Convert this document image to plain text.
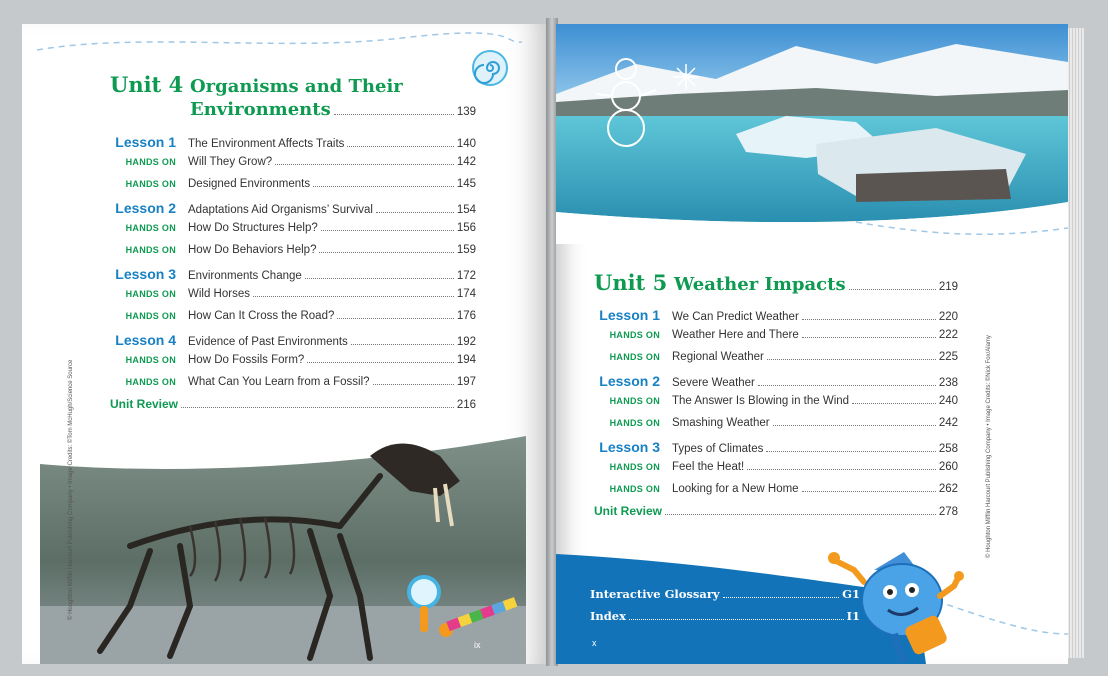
Unit 4 Organisms and Their
Environments	139
Lesson 1	The Environment Affects Traits	140
HANDS ON	Will They Grow?	142
HANDS ON	Designed Environments	145
Lesson 2	Adaptations Aid Organisms’ Survival	154
HANDS ON	How Do Structures Help?	156
HANDS ON	How Do Behaviors Help?	159
Lesson 3	Environments Change	172
HANDS ON	Wild Horses	174
HANDS ON	How Can It Cross the Road?	176
Lesson 4	Evidence of Past Environments	192
HANDS ON	How Do Fossils Form?	194
HANDS ON	What Can You Learn from a Fossil?	197
Unit Review	216
ix
© Houghton Mifflin Harcourt Publishing Company • Image Credits: ©Tom McHugh/Science Source
Unit 5 Weather Impacts	219
Lesson 1	We Can Predict Weather	220
HANDS ON	Weather Here and There	222
HANDS ON	Regional Weather	225
Lesson 2	Severe Weather	238
HANDS ON	The Answer Is Blowing in the Wind	240
HANDS ON	Smashing Weather	242
Lesson 3	Types of Climates	258
HANDS ON	Feel the Heat!	260
HANDS ON	Looking for a New Home	262
Unit Review	278	© Houghton Mifflin Harcourt Publishing Company • Image Credits: ©Nick Fox/Alamy
Interactive Glossary	G1
Index	I1
x
